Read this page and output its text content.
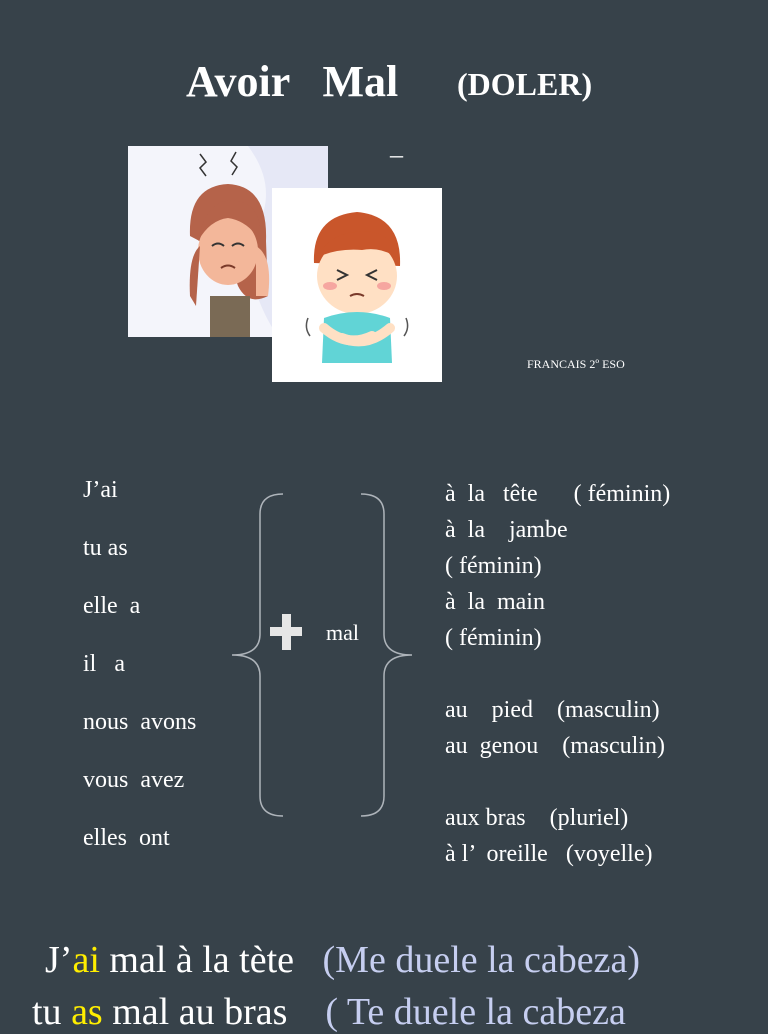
Avoir   Mal (DOLER)
–
FRANCAIS 2º ESO
J’ai
tu as
elle  a
il   a
nous  avons
vous  avez
elles  ont
mal
à  la   tête      ( féminin)
à  la    jambe
( féminin)
à  la  main
( féminin)
au    pied    (masculin)
au  genou    (masculin)
aux bras    (pluriel)
à l’  oreille   (voyelle)
J’ai mal à la tète (Me duele la cabeza)
tu as mal au bras ( Te duele la cabeza
